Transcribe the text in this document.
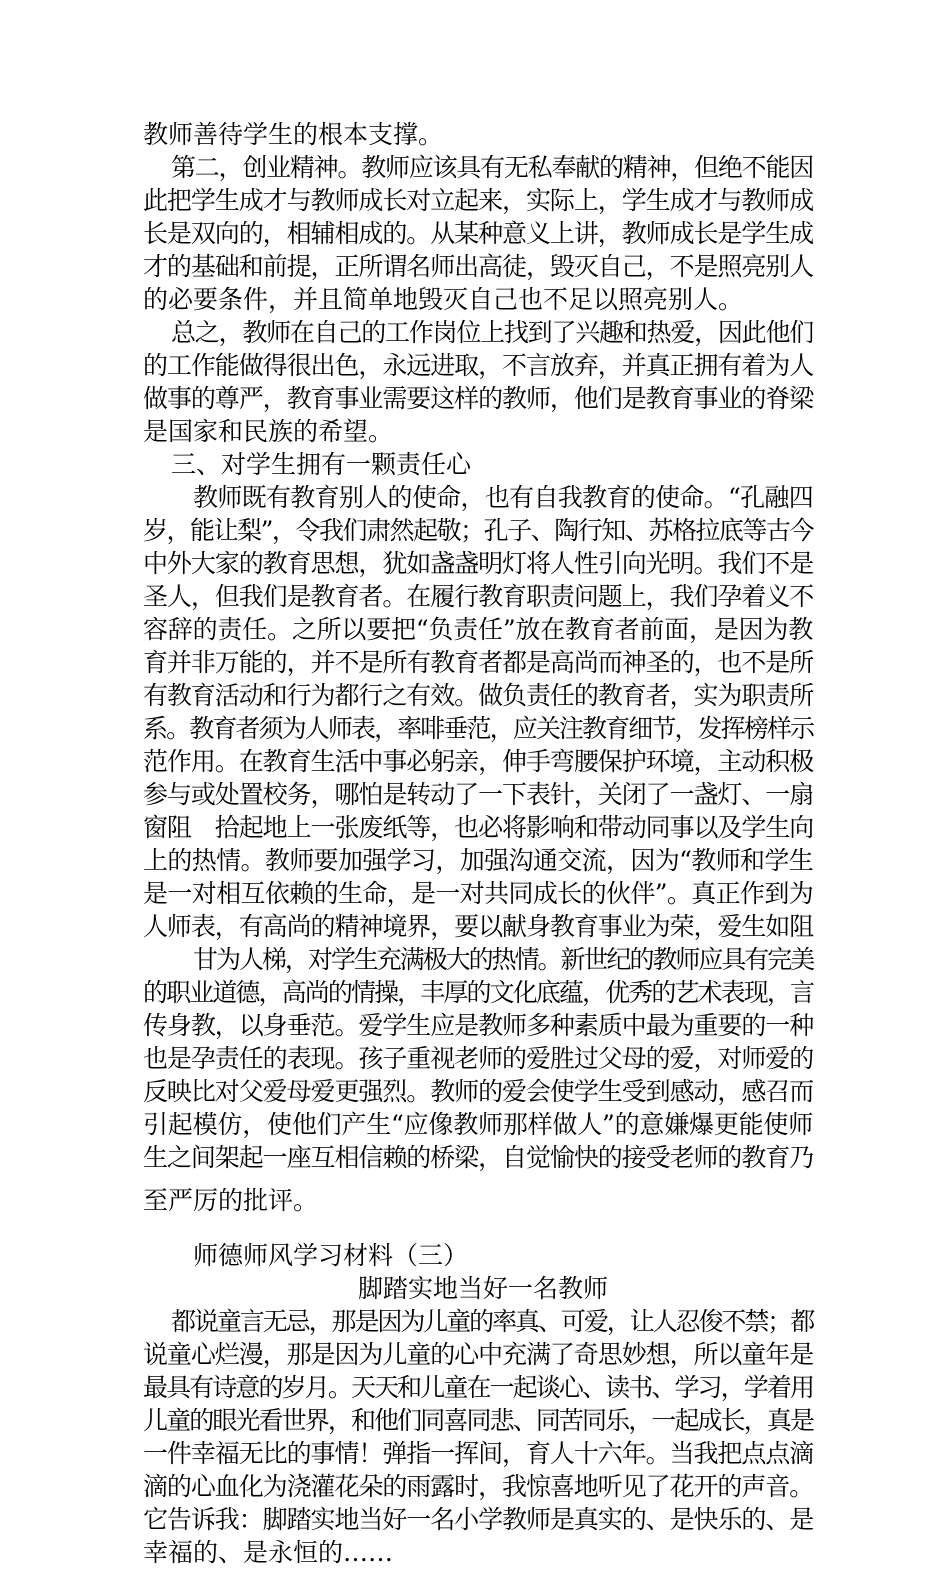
教师善待学生的根本支撑。
第二，创业精神。教师应该具有无私奉献的精神，但绝不能因
此把学生成才与教师成长对立起来，实际上，学生成才与教师成
长是双向的，相辅相成的。从某种意义上讲，教师成长是学生成
才的基础和前提，正所谓名师出高徒，毁灭自己，不是照亮别人
的必要条件，并且简单地毁灭自己也不足以照亮别人。
总之，教师在自己的工作岗位上找到了兴趣和热爱，因此他们
的工作能做得很出色，永远进取，不言放弃，并真正拥有着为人
做事的尊严，教育事业需要这样的教师，他们是教育事业的脊梁
是国家和民族的希望。
三、对学生拥有一颗责任心
教师既有教育别人的使命，也有自我教育的使命。“孔融四
岁，能让梨”，令我们肃然起敬；孔子、陶行知、苏格拉底等古今
中外大家的教育思想，犹如盏盏明灯将人性引向光明。我们不是
圣人，但我们是教育者。在履行教育职责问题上，我们孕着义不
容辞的责任。之所以要把“负责任”放在教育者前面，是因为教
育并非万能的，并不是所有教育者都是高尚而神圣的，也不是所
有教育活动和行为都行之有效。做负责任的教育者，实为职责所
系。教育者须为人师表，率啡垂范，应关注教育细节，发挥榜样示
范作用。在教育生活中事必躬亲，伸手弯腰保护环境，主动积极
参与或处置校务，哪怕是转动了一下表针，关闭了一盏灯、一扇
窗阻　拾起地上一张废纸等，也必将影响和带动同事以及学生向
上的热情。教师要加强学习，加强沟通交流，因为“教师和学生
是一对相互依赖的生命，是一对共同成长的伙伴”。真正作到为
人师表，有高尚的精神境界，要以献身教育事业为荣，爱生如阻
甘为人梯，对学生充满极大的热情。新世纪的教师应具有完美
的职业道德，高尚的情操，丰厚的文化底蕴，优秀的艺术表现，言
传身教，以身垂范。爱学生应是教师多种素质中最为重要的一种
也是孕责任的表现。孩子重视老师的爱胜过父母的爱，对师爱的
反映比对父爱母爱更强烈。教师的爱会使学生受到感动，感召而
引起模仿，使他们产生“应像教师那样做人”的意嫌爆更能使师
生之间架起一座互相信赖的桥梁，自觉愉快的接受老师的教育乃
至严厉的批评。
师德师风学习材料（三）
脚踏实地当好一名教师
都说童言无忌，那是因为儿童的率真、可爱，让人忍俊不禁；都
说童心烂漫，那是因为儿童的心中充满了奇思妙想，所以童年是
最具有诗意的岁月。天天和儿童在一起谈心、读书、学习，学着用
儿童的眼光看世界，和他们同喜同悲、同苦同乐，一起成长，真是
一件幸福无比的事情！弹指一挥间，育人十六年。当我把点点滴
滴的心血化为浇灌花朵的雨露时，我惊喜地听见了花开的声音。
它告诉我：脚踏实地当好一名小学教师是真实的、是快乐的、是
幸福的、是永恒的……
